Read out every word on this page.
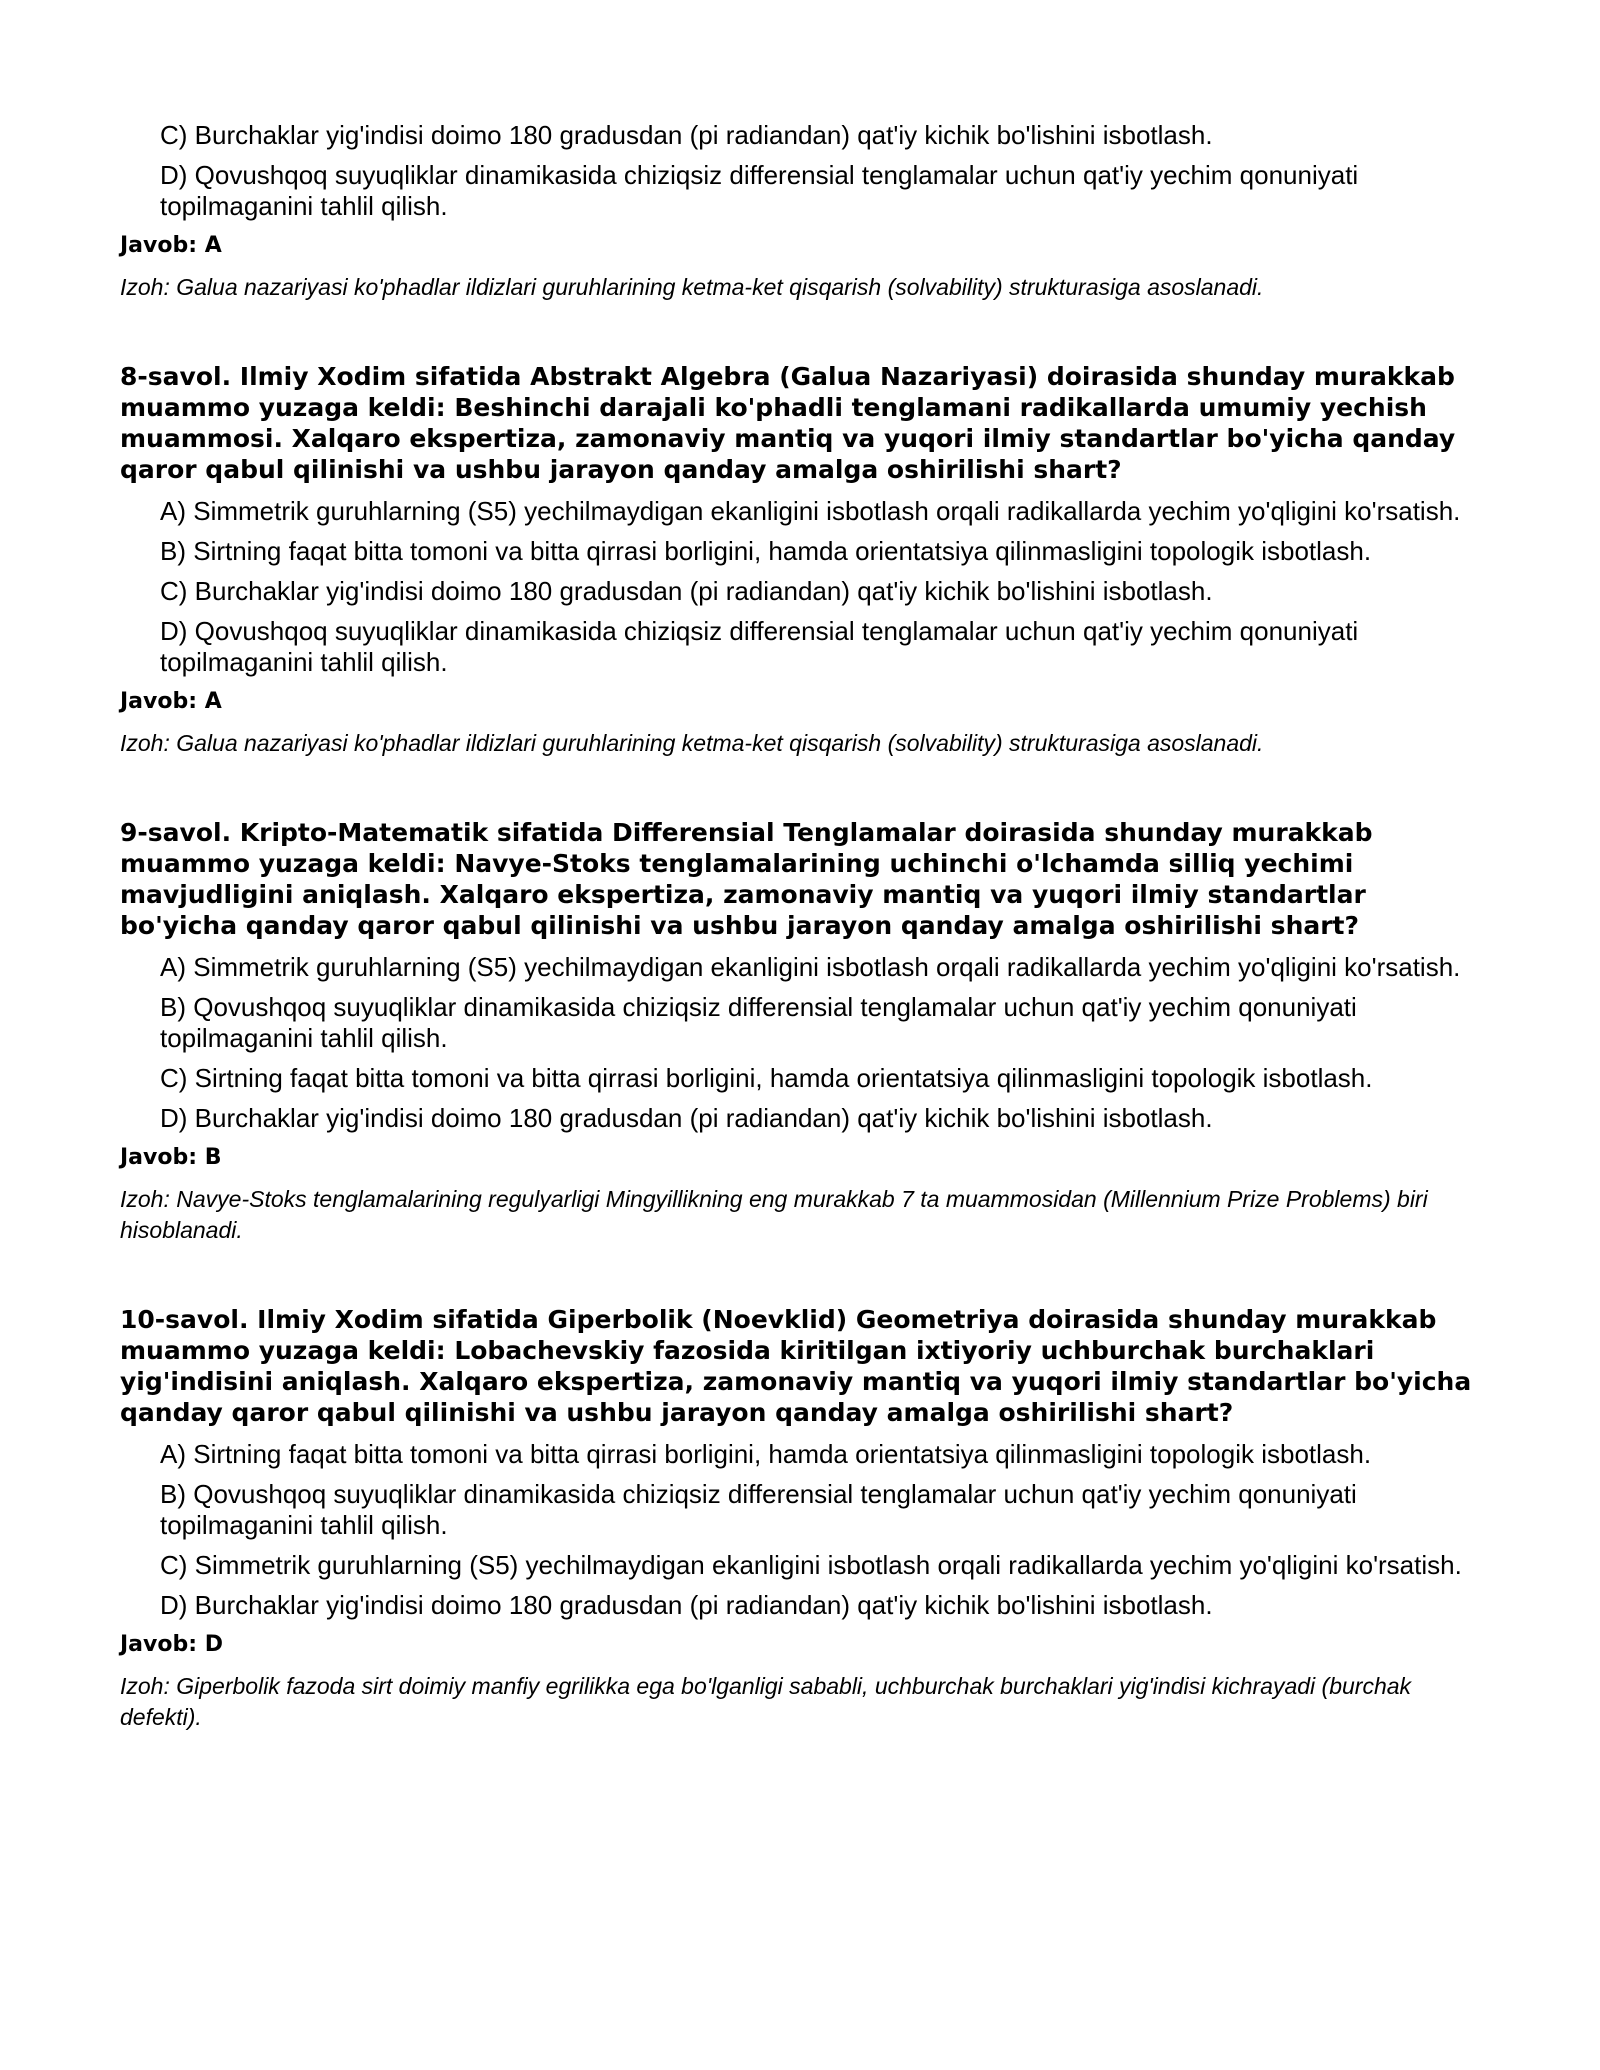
C) Burchaklar yig'indisi doimo 180 gradusdan (pi radiandan) qat'iy kichik bo'lishini isbotlash.

D) Qovushqoq suyuqliklar dinamikasida chiziqsiz differensial tenglamalar uchun qat'iy yechim qonuniyati topilmaganini tahlil qilish.

Javob: A

Izoh: Galua nazariyasi ko'phadlar ildizlari guruhlarining ketma-ket qisqarish (solvability) strukturasiga asoslanadi.

8-savol. Ilmiy Xodim sifatida Abstrakt Algebra (Galua Nazariyasi) doirasida shunday murakkab muammo yuzaga keldi: Beshinchi darajali ko'phadli tenglamani radikallarda umumiy yechish muammosi. Xalqaro ekspertiza, zamonaviy mantiq va yuqori ilmiy standartlar bo'yicha qanday qaror qabul qilinishi va ushbu jarayon qanday amalga oshirilishi shart?

A) Simmetrik guruhlarning (S5) yechilmaydigan ekanligini isbotlash orqali radikallarda yechim yo'qligini ko'rsatish.

B) Sirtning faqat bitta tomoni va bitta qirrasi borligini, hamda orientatsiya qilinmasligini topologik isbotlash.

C) Burchaklar yig'indisi doimo 180 gradusdan (pi radiandan) qat'iy kichik bo'lishini isbotlash.

D) Qovushqoq suyuqliklar dinamikasida chiziqsiz differensial tenglamalar uchun qat'iy yechim qonuniyati topilmaganini tahlil qilish.

Javob: A

Izoh: Galua nazariyasi ko'phadlar ildizlari guruhlarining ketma-ket qisqarish (solvability) strukturasiga asoslanadi.

9-savol. Kripto-Matematik sifatida Differensial Tenglamalar doirasida shunday murakkab muammo yuzaga keldi: Navye-Stoks tenglamalarining uchinchi o'lchamda silliq yechimi mavjudligini aniqlash. Xalqaro ekspertiza, zamonaviy mantiq va yuqori ilmiy standartlar bo'yicha qanday qaror qabul qilinishi va ushbu jarayon qanday amalga oshirilishi shart?

A) Simmetrik guruhlarning (S5) yechilmaydigan ekanligini isbotlash orqali radikallarda yechim yo'qligini ko'rsatish.

B) Qovushqoq suyuqliklar dinamikasida chiziqsiz differensial tenglamalar uchun qat'iy yechim qonuniyati topilmaganini tahlil qilish.

C) Sirtning faqat bitta tomoni va bitta qirrasi borligini, hamda orientatsiya qilinmasligini topologik isbotlash.

D) Burchaklar yig'indisi doimo 180 gradusdan (pi radiandan) qat'iy kichik bo'lishini isbotlash.

Javob: B

Izoh: Navye-Stoks tenglamalarining regulyarligi Mingyillikning eng murakkab 7 ta muammosidan (Millennium Prize Problems) biri hisoblanadi.

10-savol. Ilmiy Xodim sifatida Giperbolik (Noevklid) Geometriya doirasida shunday murakkab muammo yuzaga keldi: Lobachevskiy fazosida kiritilgan ixtiyoriy uchburchak burchaklari yig'indisini aniqlash. Xalqaro ekspertiza, zamonaviy mantiq va yuqori ilmiy standartlar bo'yicha qanday qaror qabul qilinishi va ushbu jarayon qanday amalga oshirilishi shart?

A) Sirtning faqat bitta tomoni va bitta qirrasi borligini, hamda orientatsiya qilinmasligini topologik isbotlash.

B) Qovushqoq suyuqliklar dinamikasida chiziqsiz differensial tenglamalar uchun qat'iy yechim qonuniyati topilmaganini tahlil qilish.

C) Simmetrik guruhlarning (S5) yechilmaydigan ekanligini isbotlash orqali radikallarda yechim yo'qligini ko'rsatish.

D) Burchaklar yig'indisi doimo 180 gradusdan (pi radiandan) qat'iy kichik bo'lishini isbotlash.

Javob: D

Izoh: Giperbolik fazoda sirt doimiy manfiy egrilikka ega bo'lganligi sababli, uchburchak burchaklari yig'indisi kichrayadi (burchak defekti).
